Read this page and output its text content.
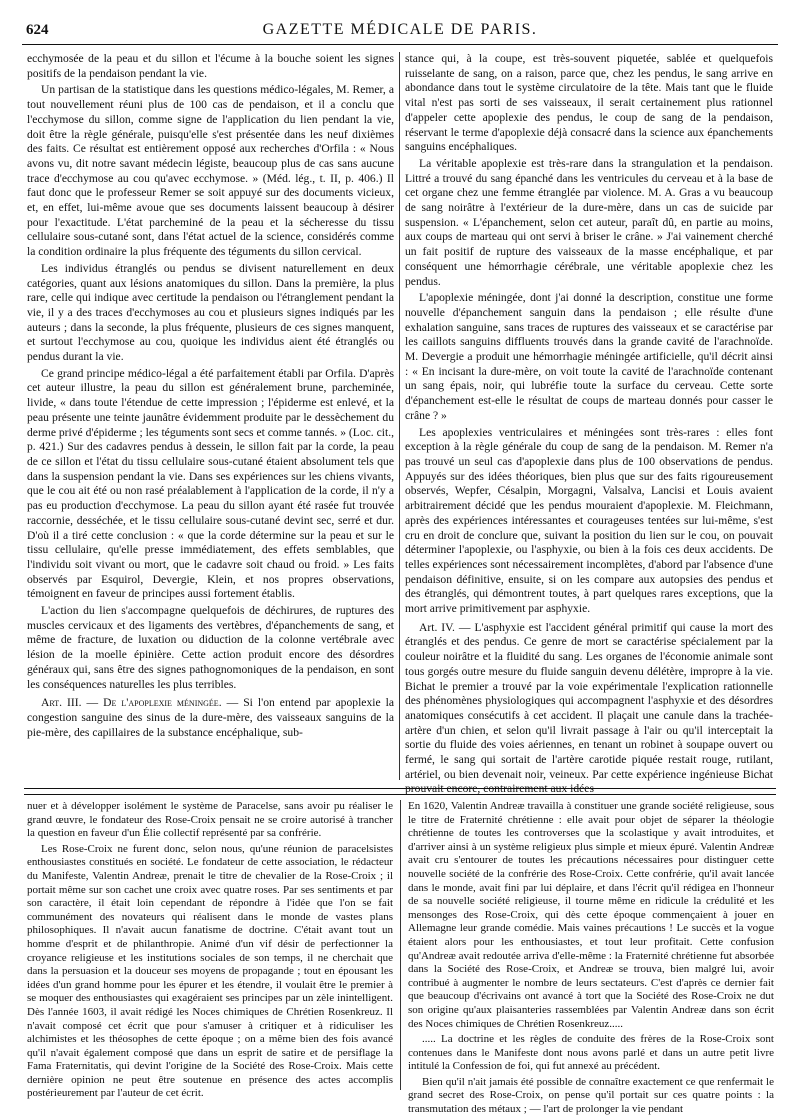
624	GAZETTE MÉDICALE DE PARIS.

ecchymosée de la peau et du sillon et l'écume à la bouche soient les signes positifs de la pendaison pendant la vie.

Un partisan de la statistique dans les questions médico-légales, M. Remer, a tout nouvellement réuni plus de 100 cas de pendaison, et il a conclu que l'ecchymose du sillon, comme signe de l'application du lien pendant la vie, doit être la règle générale, puisqu'elle s'est présentée dans les neuf dixièmes des faits. Ce résultat est entièrement opposé aux recherches d'Orfila : « Nous avons vu, dit notre savant médecin légiste, beaucoup plus de cas sans aucune trace d'ecchymose au cou qu'avec ecchymose. » (Méd. lég., t. II, p. 406.) Il faut donc que le professeur Remer se soit appuyé sur des documents vicieux, et, en effet, lui-même avoue que ses documents laissent beaucoup à désirer pour l'exactitude. L'état parcheminé de la peau et la sécheresse du tissu cellulaire sous-cutané sont, dans l'état actuel de la science, considérés comme la condition ordinaire la plus fréquente des téguments du sillon cervical.

Les individus étranglés ou pendus se divisent naturellement en deux catégories, quant aux lésions anatomiques du sillon. Dans la première, la plus rare, celle qui indique avec certitude la pendaison ou l'étranglement pendant la vie, il y a des traces d'ecchymoses au cou et plusieurs signes indiqués par les auteurs ; dans la seconde, la plus fréquente, plusieurs de ces signes manquent, et surtout l'ecchymose au cou, quoique les individus aient été étranglés ou pendus durant la vie.

Ce grand principe médico-légal a été parfaitement établi par Orfila. D'après cet auteur illustre, la peau du sillon est généralement brune, parcheminée, livide, « dans toute l'étendue de cette impression ; l'épiderme est enlevé, et la peau présente une teinte jaunâtre évidemment produite par le dessèchement du derme privé d'épiderme ; les téguments sont secs et comme tannés. » (Loc. cit., p. 421.) Sur des cadavres pendus à dessein, le sillon fait par la corde, la peau de ce sillon et l'état du tissu cellulaire sous-cutané étaient absolument tels que dans la suspension pendant la vie. Dans ses expériences sur les chiens vivants, que le cou ait été ou non rasé préalablement à l'application de la corde, il n'y a pas eu production d'ecchymose. La peau du sillon ayant été rasée fut trouvée raccornie, desséchée, et le tissu cellulaire sous-cutané devint sec, serré et dur. D'où il a tiré cette conclusion : « que la corde détermine sur la peau et sur le tissu cellulaire, qu'elle presse immédiatement, des effets semblables, que l'individu soit vivant ou mort, que le cadavre soit chaud ou froid. » Les faits observés par Esquirol, Devergie, Klein, et nos propres observations, témoignent en faveur de principes aussi fortement établis.

L'action du lien s'accompagne quelquefois de déchirures, de ruptures des muscles cervicaux et des ligaments des vertèbres, d'épanchements de sang, et même de fracture, de luxation ou diduction de la colonne vertébrale avec lésion de la moelle épinière. Cette action produit encore des désordres généraux qui, sans être des signes pathognomoniques de la pendaison, en sont les conséquences naturelles les plus terribles.

Art. III. — De l'apoplexie méningée. — Si l'on entend par apoplexie la congestion sanguine des sinus de la dure-mère, des vaisseaux sanguins de la pie-mère, des capillaires de la substance encéphalique, sub-

stance qui, à la coupe, est très-souvent piquetée, sablée et quelquefois ruisselante de sang, on a raison, parce que, chez les pendus, le sang arrive en abondance dans tout le système circulatoire de la tête. Mais tant que le fluide vital n'est pas sorti de ses vaisseaux, il serait certainement plus rationnel d'appeler cette apoplexie des pendus, le coup de sang de la pendaison, réservant le terme d'apoplexie déjà consacré dans la science aux épanchements sanguins encéphaliques.

La véritable apoplexie est très-rare dans la strangulation et la pendaison. Littré a trouvé du sang épanché dans les ventricules du cerveau et à la base de cet organe chez une femme étranglée par violence. M. A. Gras a vu beaucoup de sang noirâtre à l'extérieur de la dure-mère, dans un cas de suicide par suspension. « L'épanchement, selon cet auteur, paraît dû, en partie au moins, aux coups de marteau qui ont servi à briser le crâne. » J'ai vainement cherché un fait positif de rupture des vaisseaux de la masse encéphalique, et par conséquent une hémorrhagie cérébrale, une véritable apoplexie chez les pendus.

L'apoplexie méningée, dont j'ai donné la description, constitue une forme nouvelle d'épanchement sanguin dans la pendaison ; elle résulte d'une exhalation sanguine, sans traces de ruptures des vaisseaux et se caractérise par les caillots sanguins diffluents trouvés dans la grande cavité de l'arachnoïde. M. Devergie a produit une hémorrhagie méningée artificielle, qu'il décrit ainsi : « En incisant la dure-mère, on voit toute la cavité de l'arachnoïde contenant un sang épais, noir, qui lubréfie toute la surface du cerveau. Cette sorte d'épanchement est-elle le résultat de coups de marteau donnés pour casser le crâne ? »

Les apoplexies ventriculaires et méningées sont très-rares : elles font exception à la règle générale du coup de sang de la pendaison. M. Remer n'a pas trouvé un seul cas d'apoplexie dans plus de 100 observations de pendus. Appuyés sur des idées théoriques, bien plus que sur des faits rigoureusement observés, Wepfer, Césalpin, Morgagni, Valsalva, Lancisi et Louis avaient arbitrairement décidé que les pendus mouraient d'apoplexie. M. Fleichmann, après des expériences intéressantes et courageuses tentées sur lui-même, s'est cru en droit de conclure que, suivant la position du lien sur le cou, on pouvait déterminer l'apoplexie, ou l'asphyxie, ou bien à la fois ces deux accidents. De telles expériences sont nécessairement incomplètes, d'abord par l'absence d'une pendaison définitive, ensuite, si on les compare aux autopsies des pendus et des étranglés, qui démontrent toutes, à part quelques rares exceptions, que la mort arrive primitivement par asphyxie.

Art. IV. — L'asphyxie est l'accident général primitif qui cause la mort des étranglés et des pendus. Ce genre de mort se caractérise spécialement par la couleur noirâtre et la fluidité du sang. Les organes de l'économie animale sont tous gorgés outre mesure du fluide sanguin devenu délétère, impropre à la vie. Bichat le premier a trouvé par la voie expérimentale l'explication rationnelle des phénomènes physiologiques qui accompagnent l'asphyxie et des désordres anatomiques consécutifs à cet accident. Il plaçait une canule dans la trachée-artère d'un chien, et selon qu'il livrait passage à l'air ou qu'il interceptait la sortie du fluide des voies aériennes, en tenant un robinet à soupape ouvert ou fermé, le sang qui sortait de l'artère carotide piquée restait rouge, rutilant, artériel, ou bien devenait noir, veineux. Par cette expérience ingénieuse Bichat prouvait encore, contrairement aux idées

nuer et à développer isolément le système de Paracelse, sans avoir pu réaliser le grand œuvre, le fondateur des Rose-Croix pensait ne se croire autorisé à trancher la question en faveur d'un Élie collectif représenté par sa confrérie.

Les Rose-Croix ne furent donc, selon nous, qu'une réunion de paracelsistes enthousiastes constitués en société. Le fondateur de cette association, le rédacteur du Manifeste, Valentin Andreæ, prenait le titre de chevalier de la Rose-Croix ; il portait même sur son cachet une croix avec quatre roses. Par ses sentiments et par son caractère, il était loin cependant de répondre à l'idée que l'on se fait communément des novateurs qui réalisent dans le monde de vastes plans philosophiques. Il n'avait aucun fanatisme de doctrine. C'était avant tout un homme d'esprit et de philanthropie. Animé d'un vif désir de perfectionner la croyance religieuse et les institutions sociales de son temps, il ne cherchait que dans la persuasion et la douceur ses moyens de propagande ; tout en épousant les idées d'un grand homme pour les épurer et les étendre, il voulait être le premier à se moquer des enthousiastes qui exagéraient ses principes par un zèle inintelligent. Dès l'année 1603, il avait rédigé les Noces chimiques de Chrétien Rosenkreuz. Il n'avait composé cet écrit que pour s'amuser à critiquer et à ridiculiser les alchimistes et les théosophes de cette époque ; on a même bien des fois avancé qu'il n'avait également composé que dans un esprit de satire et de persiflage la Fama Fraternitatis, qui devint l'origine de la Société des Rose-Croix. Mais cette dernière opinion ne peut être soutenue en présence des actes accomplis postérieurement par l'auteur de cet écrit.

En 1620, Valentin Andreæ travailla à constituer une grande société religieuse, sous le titre de Fraternité chrétienne : elle avait pour objet de séparer la théologie chrétienne de toutes les controverses que la scolastique y avait introduites, et d'arriver ainsi à un système religieux plus simple et mieux épuré. Valentin Andreæ avait cru s'entourer de toutes les précautions nécessaires pour distinguer cette nouvelle société de la confrérie des Rose-Croix. Cette confrérie, qu'il avait lancée dans le monde, avait fini par lui déplaire, et dans l'écrit qu'il rédigea en l'honneur de sa nouvelle société religieuse, il tourne même en ridicule la crédulité et les mensonges des Rose-Croix, qui dès cette époque commençaient à jouer en Allemagne leur grande comédie. Mais vaines précautions ! Le succès et la vogue étaient alors pour les enthousiastes, et tout leur profitait. Cette confusion qu'Andreæ avait redoutée arriva d'elle-même : la Fraternité chrétienne fut absorbée dans la Société des Rose-Croix, et Andreæ se trouva, bien malgré lui, avoir contribué à augmenter le nombre de leurs sectateurs. C'est d'après ce dernier fait que beaucoup d'écrivains ont avancé à tort que la Société des Rose-Croix ne dut son origine qu'aux plaisanteries rassemblées par Valentin Andreæ dans son écrit des Noces chimiques de Chrétien Rosenkreuz.....

..... La doctrine et les règles de conduite des frères de la Rose-Croix sont contenues dans le Manifeste dont nous avons parlé et dans un autre petit livre intitulé la Confession de foi, qui fut annexé au précédent.

Bien qu'il n'ait jamais été possible de connaître exactement ce que renfermait le grand secret des Rose-Croix, on pense qu'il portait sur ces quatre points : la transmutation des métaux ; — l'art de prolonger la vie pendant
